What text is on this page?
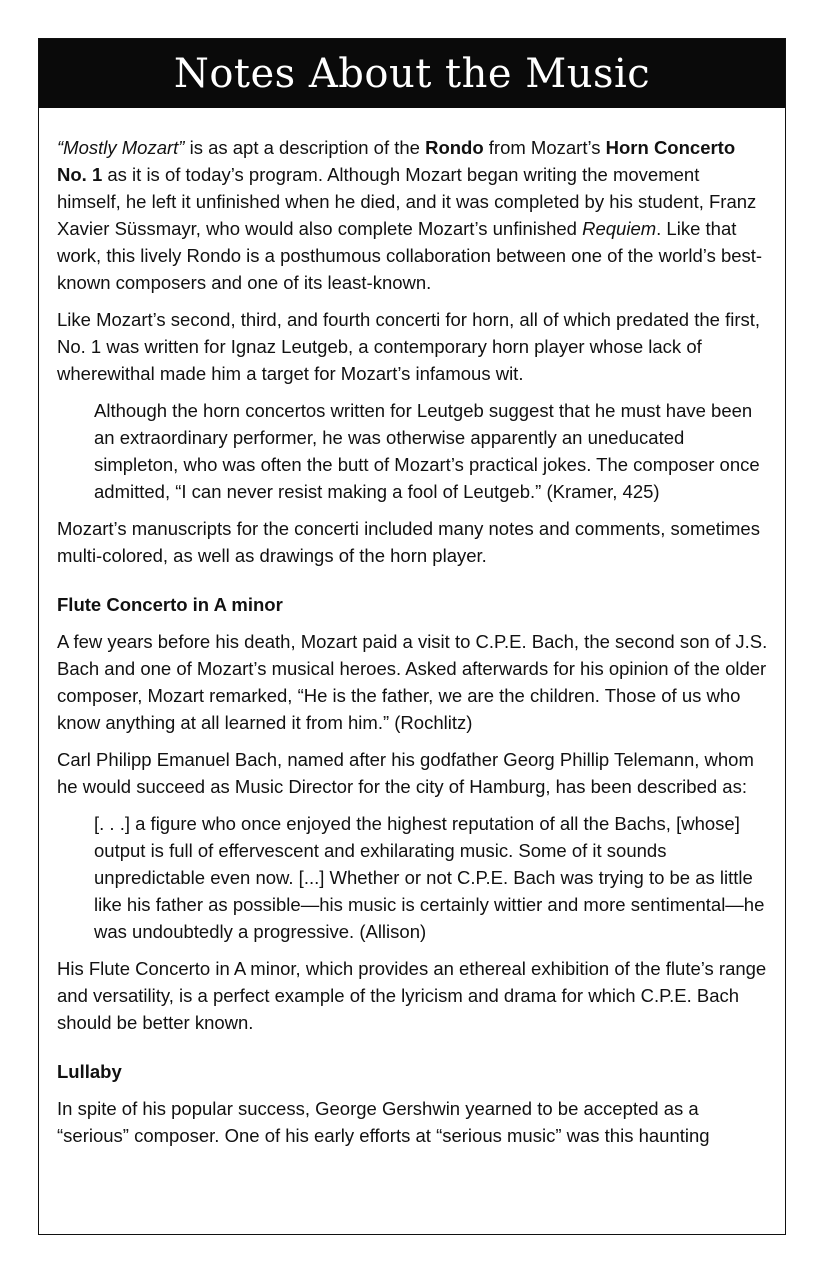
Notes About the Music

“Mostly Mozart” is as apt a description of the Rondo from Mozart’s Horn Concerto No. 1 as it is of today’s program. Although Mozart began writing the movement himself, he left it unfinished when he died, and it was completed by his student, Franz Xavier Süssmayr, who would also complete Mozart’s unfinished Requiem. Like that work, this lively Rondo is a posthumous collaboration between one of the world’s best-known composers and one of its least-known.

Like Mozart’s second, third, and fourth concerti for horn, all of which predated the first, No. 1 was written for Ignaz Leutgeb, a contemporary horn player whose lack of wherewithal made him a target for Mozart’s infamous wit.

Although the horn concertos written for Leutgeb suggest that he must have been an extraordinary performer, he was otherwise apparently an uneducated simpleton, who was often the butt of Mozart’s practical jokes. The composer once admitted, “I can never resist making a fool of Leutgeb.” (Kramer, 425)

Mozart’s manuscripts for the concerti included many notes and comments, sometimes multi-colored, as well as drawings of the horn player.

Flute Concerto in A minor

A few years before his death, Mozart paid a visit to C.P.E. Bach, the second son of J.S. Bach and one of Mozart’s musical heroes. Asked afterwards for his opinion of the older composer, Mozart remarked, “He is the father, we are the children. Those of us who know anything at all learned it from him.” (Rochlitz)

Carl Philipp Emanuel Bach, named after his godfather Georg Phillip Telemann, whom he would succeed as Music Director for the city of Hamburg, has been described as:

[. . .] a figure who once enjoyed the highest reputation of all the Bachs, [whose] output is full of effervescent and exhilarating music. Some of it sounds unpredictable even now. [...] Whether or not C.P.E. Bach was trying to be as little like his father as possible—his music is certainly wittier and more sentimental—he was undoubtedly a progressive. (Allison)

His Flute Concerto in A minor, which provides an ethereal exhibition of the flute’s range and versatility, is a perfect example of the lyricism and drama for which C.P.E. Bach should be better known.

Lullaby

In spite of his popular success, George Gershwin yearned to be accepted as a “serious” composer. One of his early efforts at “serious music” was this haunting
